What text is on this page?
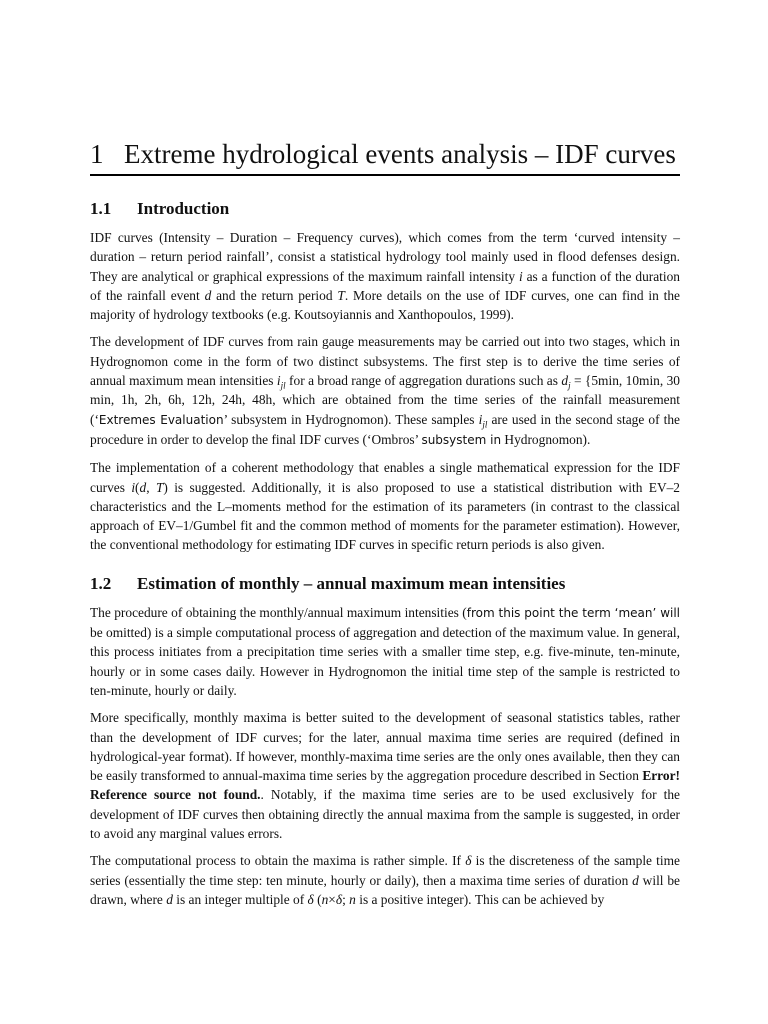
1 Extreme hydrological events analysis – IDF curves
1.1 Introduction

IDF curves (Intensity – Duration – Frequency curves), which comes from the term ‘curved intensity – duration – return period rainfall’, consist a statistical hydrology tool mainly used in flood defenses design. They are analytical or graphical expressions of the maximum rainfall intensity i as a function of the duration of the rainfall event d and the return period T. More details on the use of IDF curves, one can find in the majority of hydrology textbooks (e.g. Koutsoyiannis and Xanthopoulos, 1999).

The development of IDF curves from rain gauge measurements may be carried out into two stages, which in Hydrognomon come in the form of two distinct subsystems. The first step is to derive the time series of annual maximum mean intensities $i_{jl}$ for a broad range of aggregation durations such as $d_j = \{5\min$, 10min, 30 min, 1h, 2h, 6h, 12h, 24h, 48h, which are obtained from the time series of the rainfall measurement (‘Extremes Evaluation’ subsystem in Hydrognomon). These samples $i_{jl}$ are used in the second stage of the procedure in order to develop the final IDF curves (‘Ombros’ subsystem in Hydrognomon).

The implementation of a coherent methodology that enables a single mathematical expression for the IDF curves i(d, T) is suggested. Additionally, it is also proposed to use a statistical distribution with EV–2 characteristics and the L–moments method for the estimation of its parameters (in contrast to the classical approach of EV–1/Gumbel fit and the common method of moments for the parameter estimation). However, the conventional methodology for estimating IDF curves in specific return periods is also given.

1.2 Estimation of monthly – annual maximum mean intensities

The procedure of obtaining the monthly/annual maximum intensities (from this point the term ‘mean’ will be omitted) is a simple computational process of aggregation and detection of the maximum value. In general, this process initiates from a precipitation time series with a smaller time step, e.g. five-minute, ten-minute, hourly or in some cases daily. However in Hydrognomon the initial time step of the sample is restricted to ten-minute, hourly or daily.

More specifically, monthly maxima is better suited to the development of seasonal statistics tables, rather than the development of IDF curves; for the later, annual maxima time series are required (defined in hydrological-year format). If however, monthly-maxima time series are the only ones available, then they can be easily transformed to annual-maxima time series by the aggregation procedure described in Section Error! Reference source not found.. Notably, if the maxima time series are to be used exclusively for the development of IDF curves then obtaining directly the annual maxima from the sample is suggested, in order to avoid any marginal values errors.

The computational process to obtain the maxima is rather simple. If δ is the discreteness of the sample time series (essentially the time step: ten minute, hourly or daily), then a maxima time series of duration d will be drawn, where d is an integer multiple of δ (n×δ; n is a positive integer). This can be achieved by
